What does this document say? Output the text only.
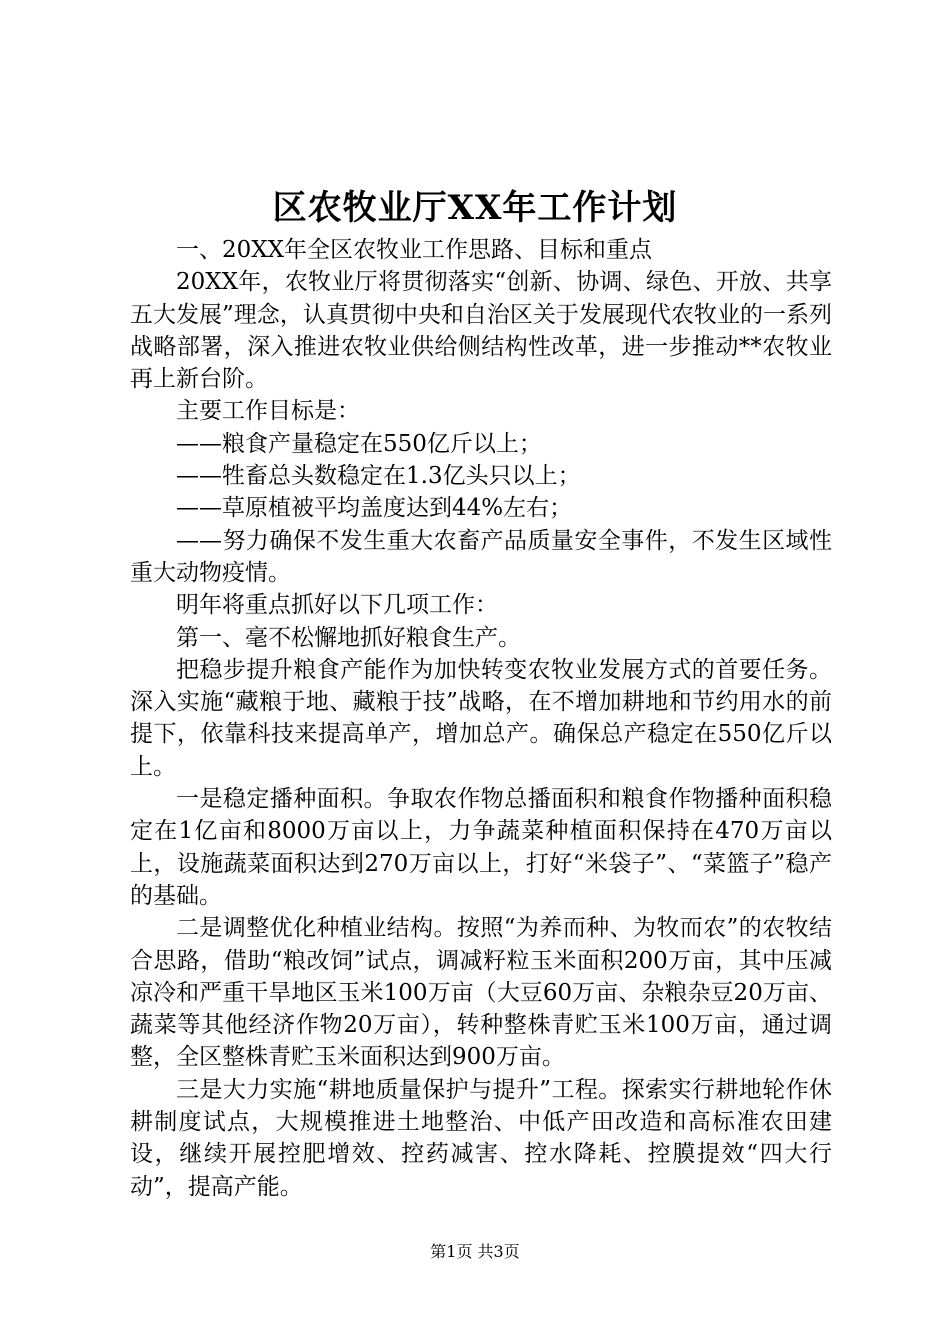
区农牧业厅XX年工作计划

一、20XX年全区农牧业工作思路、目标和重点

20XX年，农牧业厅将贯彻落实“创新、协调、绿色、开放、共享五大发展”理念，认真贯彻中央和自治区关于发展现代农牧业的一系列战略部署，深入推进农牧业供给侧结构性改革，进一步推动**农牧业再上新台阶。

主要工作目标是：

——粮食产量稳定在550亿斤以上；

——牲畜总头数稳定在1.3亿头只以上；

——草原植被平均盖度达到44%左右；

——努力确保不发生重大农畜产品质量安全事件，不发生区域性重大动物疫情。

明年将重点抓好以下几项工作：

第一、毫不松懈地抓好粮食生产。

把稳步提升粮食产能作为加快转变农牧业发展方式的首要任务。深入实施“藏粮于地、藏粮于技”战略，在不增加耕地和节约用水的前提下，依靠科技来提高单产，增加总产。确保总产稳定在550亿斤以上。

一是稳定播种面积。争取农作物总播面积和粮食作物播种面积稳定在1亿亩和8000万亩以上，力争蔬菜种植面积保持在470万亩以上，设施蔬菜面积达到270万亩以上，打好“米袋子”、“菜篮子”稳产的基础。

二是调整优化种植业结构。按照“为养而种、为牧而农”的农牧结合思路，借助“粮改饲”试点，调减籽粒玉米面积200万亩，其中压减凉冷和严重干旱地区玉米100万亩（大豆60万亩、杂粮杂豆20万亩、蔬菜等其他经济作物20万亩），转种整株青贮玉米100万亩，通过调整，全区整株青贮玉米面积达到900万亩。

三是大力实施“耕地质量保护与提升”工程。探索实行耕地轮作休耕制度试点，大规模推进土地整治、中低产田改造和高标准农田建设，继续开展控肥增效、控药减害、控水降耗、控膜提效“四大行动”，提高产能。

第1页 共3页
